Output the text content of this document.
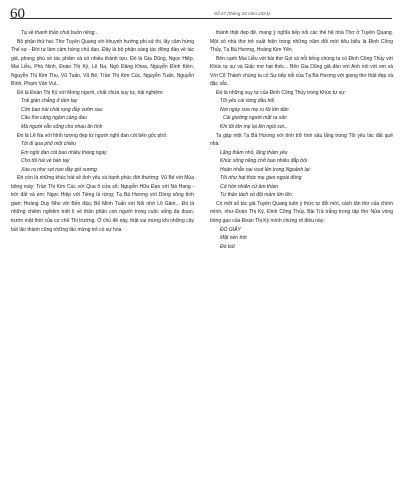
60	Số 47 (tháng 10 năm 2024)

Tạ về thanh thản chút buồn riêng...

Bộ phận thứ hai: Thơ Tuyên Quang với khuynh hướng phi sử thi, lấy cảm hứng Thế sự - Đời tư làm cảm hứng chủ đạo. Đây là bộ phận sáng tác đông đảo về tác giả, phong phú về tác phẩm và có nhiều thành tựu. Đó là Gia Dũng, Ngọc Hiệp, Mai Liễu, Phù Ninh, Đoàn Thị Ký, Lê Na, Ngô Đăng Khoa, Nguyễn Đình Kiền, Nguyễn Thị Kim Thu, Vũ Tuấn, Vũ Bé, Trần Thị Kim Cúc, Nguyễn Tuấn, Nguyễn Bình, Phạm Văn Vui...

Đó là Đoàn Thị Ký với Mong người, chất chứa suy tư, trải nghiệm:

Trái gián chẳng ở tầm tay

Cớn bao trái chát rụng đầy vườn sau

Câu thơ càng ngậm càng đau

Mà người vẫn sống cho nhau ân tình

Đó là Lê Na với hình tượng đẹp từ người nghỉ đan cót bên gốc phố:

Tôi đi qua phố một chiều

Em ngồi đan cót bao nhiêu tháng ngày

Cho tôi hái về bàn tay

Xòe ra như sợi nan đầy gió sương.

Đó còn là những khúc hát về tình yêu và hạnh phúc đời thường: Vũ Bé với Mùa bông máy; Trần Thị Kim Cúc với Qua ô cửa sổ; Nguyễn Hữu Đạo với Nà Hang - trời đất và em; Ngọc Hiệp với Tiếng lá rừng; Tạ Bá Hương với Dòng sông tình gian; Hoàng Duy Nho với Bến đậu; Bố Minh Tuấn với Nối nhớ Lô Gâm... Đó là những chiêm nghiệm triết lí về thân phận con người trong cuộc sống đa đoan, trước mặt thời của cơ chế Thị trường. Ở chủ đề này, thật vui mừng khi những cây bút lão thành cũng những lão mừng trẻ có sự hòa

thành thật đẹp đẽ, mang ý nghĩa tiếp nối các thế hệ nhà Thơ ở Tuyên Quang. Một số nhà thơ trẻ xuất hiện trong những năm đổi mới tiêu biểu là Đinh Công Thủy, Tạ Bá Hương, Hoàng Kim Yến.

Bên cạnh Mai Liễu với bài thơ Gọi và nỗi tiếng chúng ta có Đinh Công Thủy với Khúc tự sự và Giấc mơ hạt thóc... Bên Gia Dũng giã đàn với Anh nói với em và Với Cổ Thành chúng ta có Sự tiếp nối của Tạ Bá Hương với giọng thơ thật đẹp và đặc sắc.

Đó là những suy tư của Đinh Công Thủy trong Khúc tự sự:

Tôi yêu cái vòng đầu hổi

Nơi ngày xưa mẹ ru tôi lớn dần

Cái giường người mặt ra sân

Khi tôi lớn mẹ lại lên ngồi sơi...

Ta gặp một Tạ Bá Hương với tình trữ tình sâu lắng trong Tôi yêu tác đất quê nhà:

Lặng thầm nhỏ, lặng thầm yêu

Khúc sông năng chở bao nhiêu đắp bồi

Hoàn nhẫn nai vuot lên trong Ngoảnh lại:

Tôi như hạt thóc mẹ gieo ngoài đồng

Cứ hồn nhiên cứ âm thầm

Tự thân tách vỏ đội mầm lớn lên.

Có một số tác giả Tuyên Quang luôn ý thức tự đổi mới, cách tân thơ của chính mình. như Đoàn Thị Ký, Đinh Công Thủy, Bài Trả trắng trong tập thơ Nửa vòng bóng gạo của Đoàn Thị Ký mình chứng rõ điều này:

ĐÓ GIẤY

Mặt nền trời

Đó bút
